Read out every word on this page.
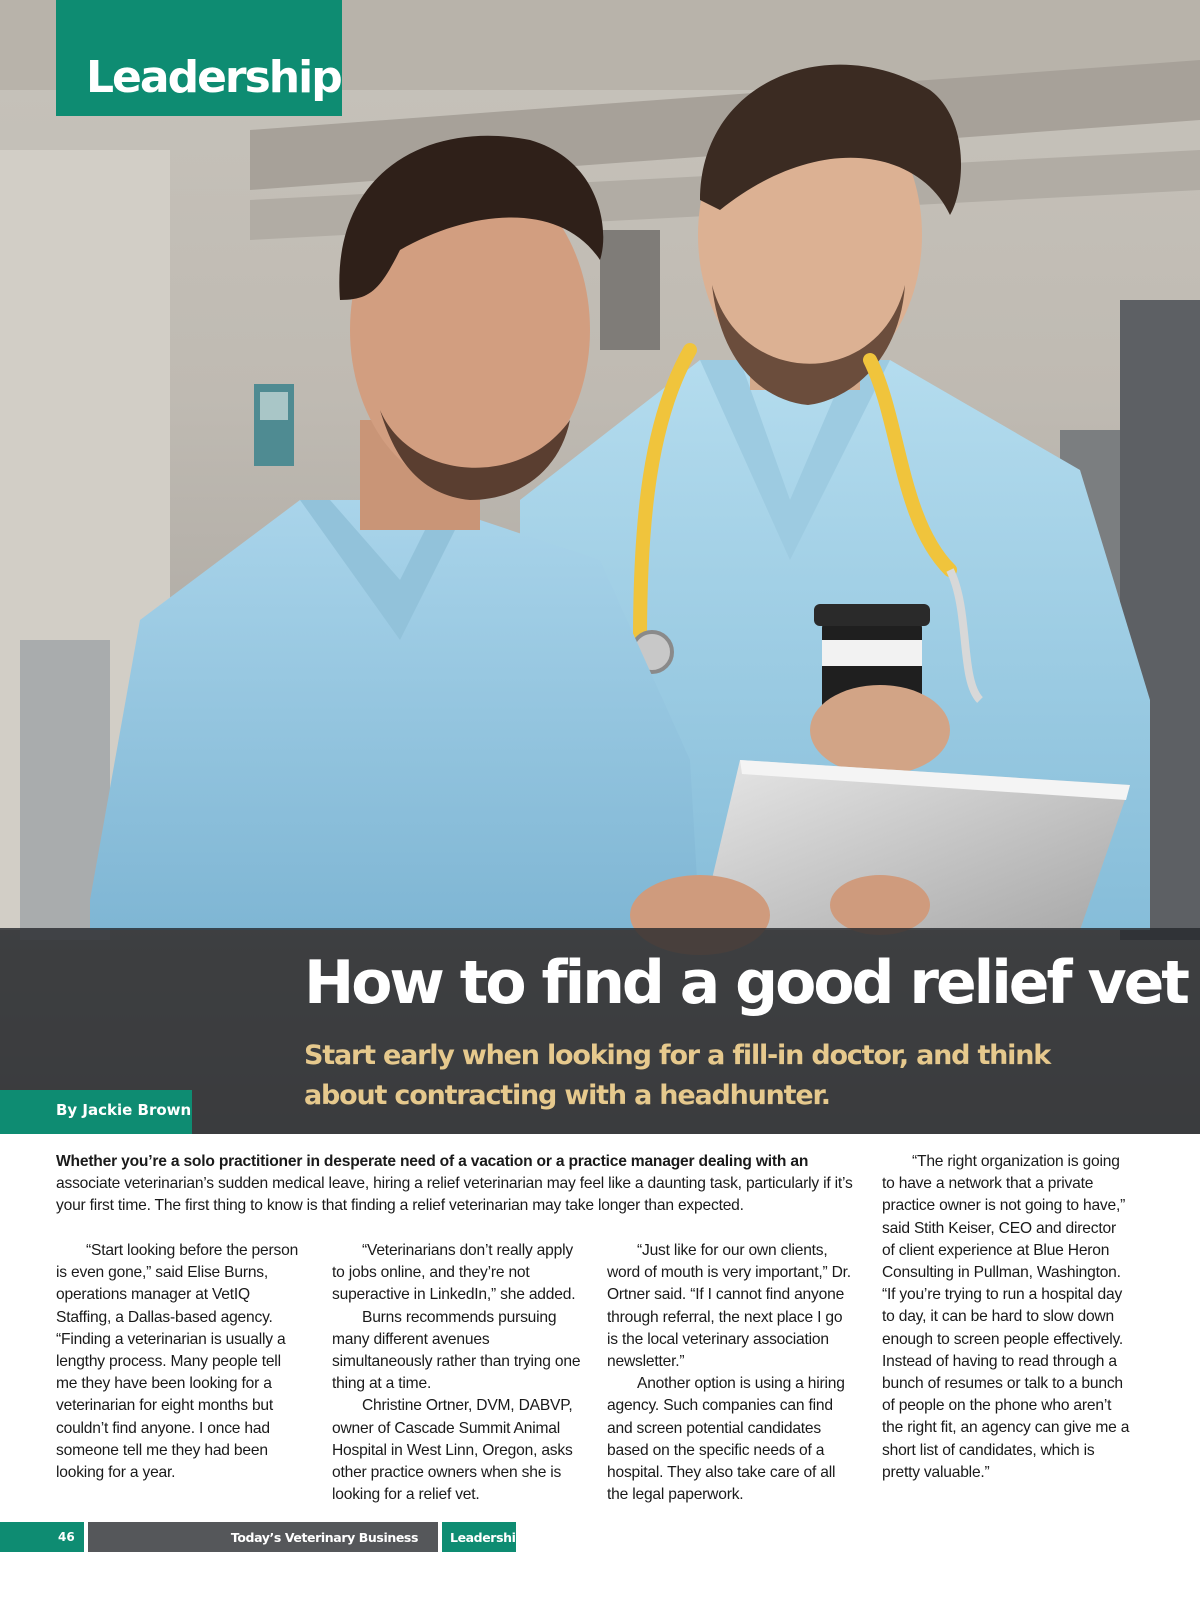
Leadership
How to find a good relief vet
Start early when looking for a fill-in doctor, and think about contracting with a headhunter.
By Jackie Brown
Whether you’re a solo practitioner in desperate need of a vacation or a practice manager dealing with an associate veterinarian’s sudden medical leave, hiring a relief veterinarian may feel like a daunting task, particularly if it’s your first time. The first thing to know is that finding a relief veterinarian may take longer than expected.

“Start looking before the person is even gone,” said Elise Burns, operations manager at VetIQ Staffing, a Dallas-based agency. “Finding a veterinarian is usually a lengthy process. Many people tell me they have been looking for a veterinarian for eight months but couldn’t find anyone. I once had someone tell me they had been looking for a year.

“Veterinarians don’t really apply to jobs online, and they’re not superactive in LinkedIn,” she added.

Burns recommends pursuing many different avenues simultaneously rather than trying one thing at a time.

Christine Ortner, DVM, DABVP, owner of Cascade Summit Animal Hospital in West Linn, Oregon, asks other practice owners when she is looking for a relief vet.

“Just like for our own clients, word of mouth is very important,” Dr. Ortner said. “If I cannot find anyone through referral, the next place I go is the local veterinary association newsletter.”

Another option is using a hiring agency. Such companies can find and screen potential candidates based on the specific needs of a hospital. They also take care of all the legal paperwork.

“The right organization is going to have a network that a private practice owner is not going to have,” said Stith Keiser, CEO and director of client experience at Blue Heron Consulting in Pullman, Washington. “If you’re trying to run a hospital day to day, it can be hard to slow down enough to screen people effectively. Instead of having to read through a bunch of resumes or talk to a bunch of people on the phone who aren’t the right fit, an agency can give me a short list of candidates, which is pretty valuable.”

46	Today’s Veterinary Business	Leadership
